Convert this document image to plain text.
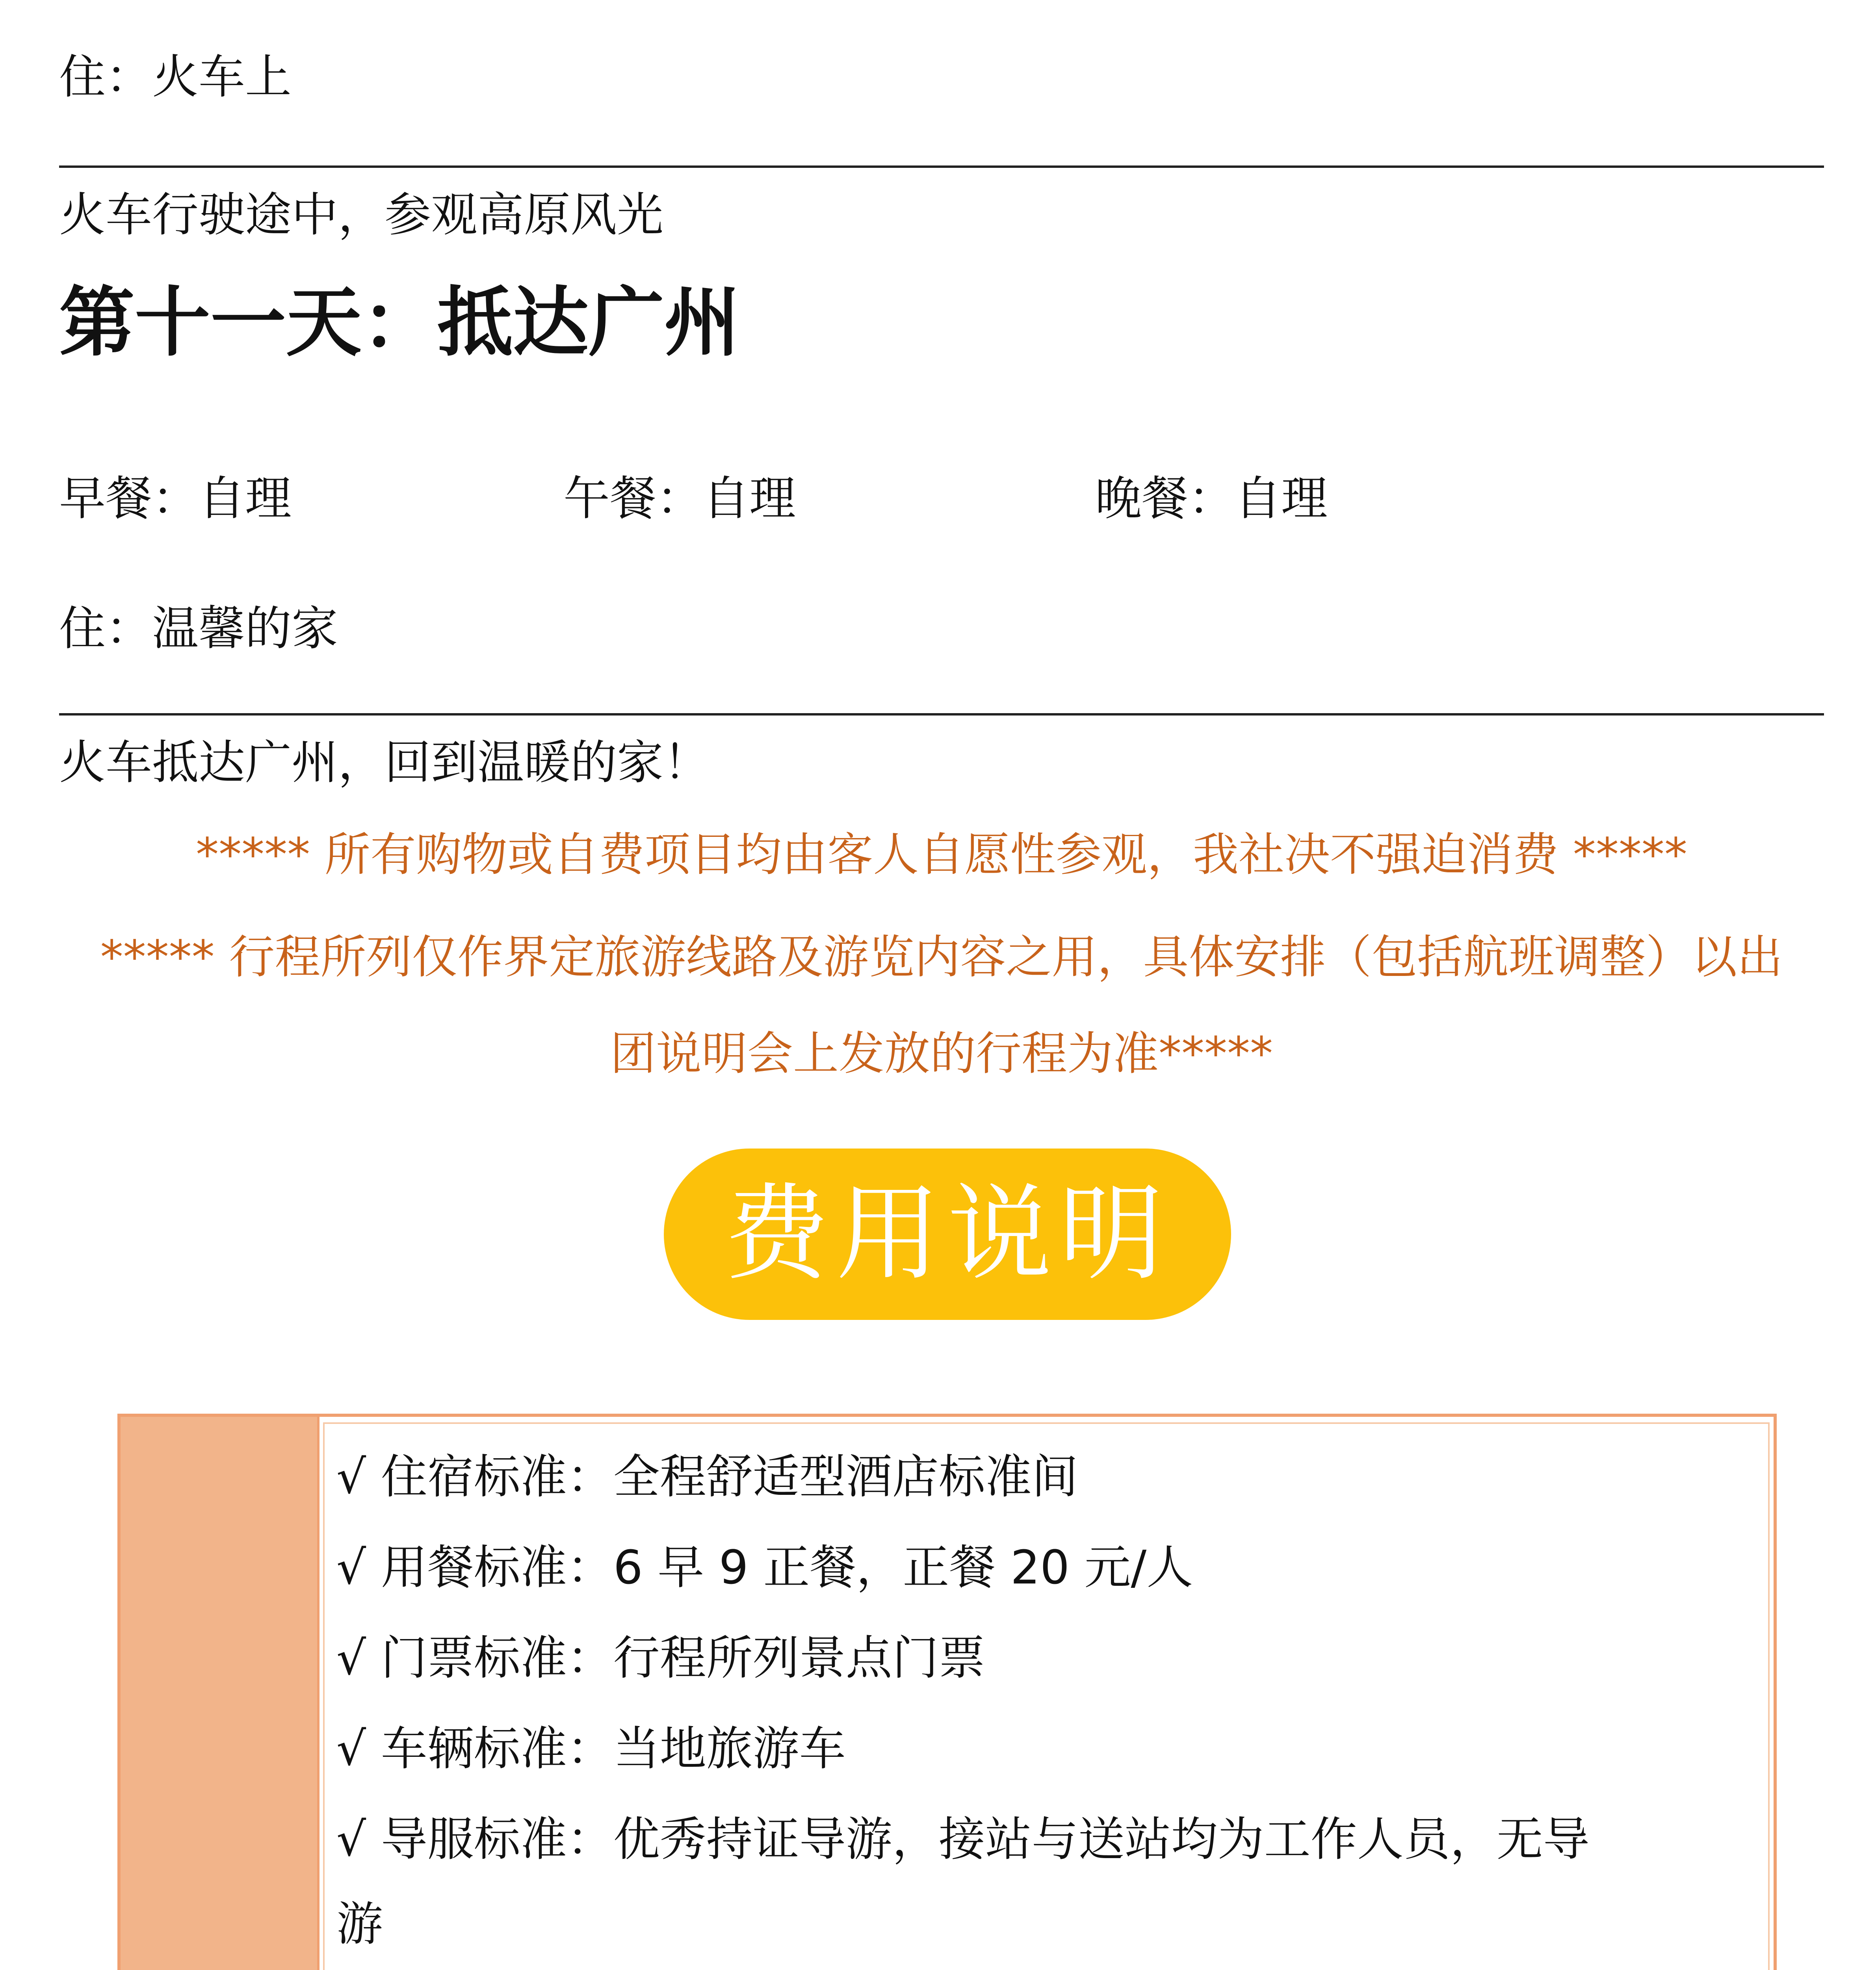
住：火车上
火车行驶途中，参观高原风光
第十一天：抵达广州
早餐：自理	午餐：自理	晚餐：自理
住：温馨的家
火车抵达广州，回到温暖的家！
***** 所有购物或自费项目均由客人自愿性参观，我社决不强迫消费 *****
***** 行程所列仅作界定旅游线路及游览内容之用，具体安排（包括航班调整）以出
团说明会上发放的行程为准*****
费用说明
√ 住宿标准：全程舒适型酒店标准间
√ 用餐标准：6 早 9 正餐，正餐 20 元/人
√ 门票标准：行程所列景点门票
√ 车辆标准：当地旅游车
√ 导服标准：优秀持证导游，接站与送站均为工作人员，无导
游
